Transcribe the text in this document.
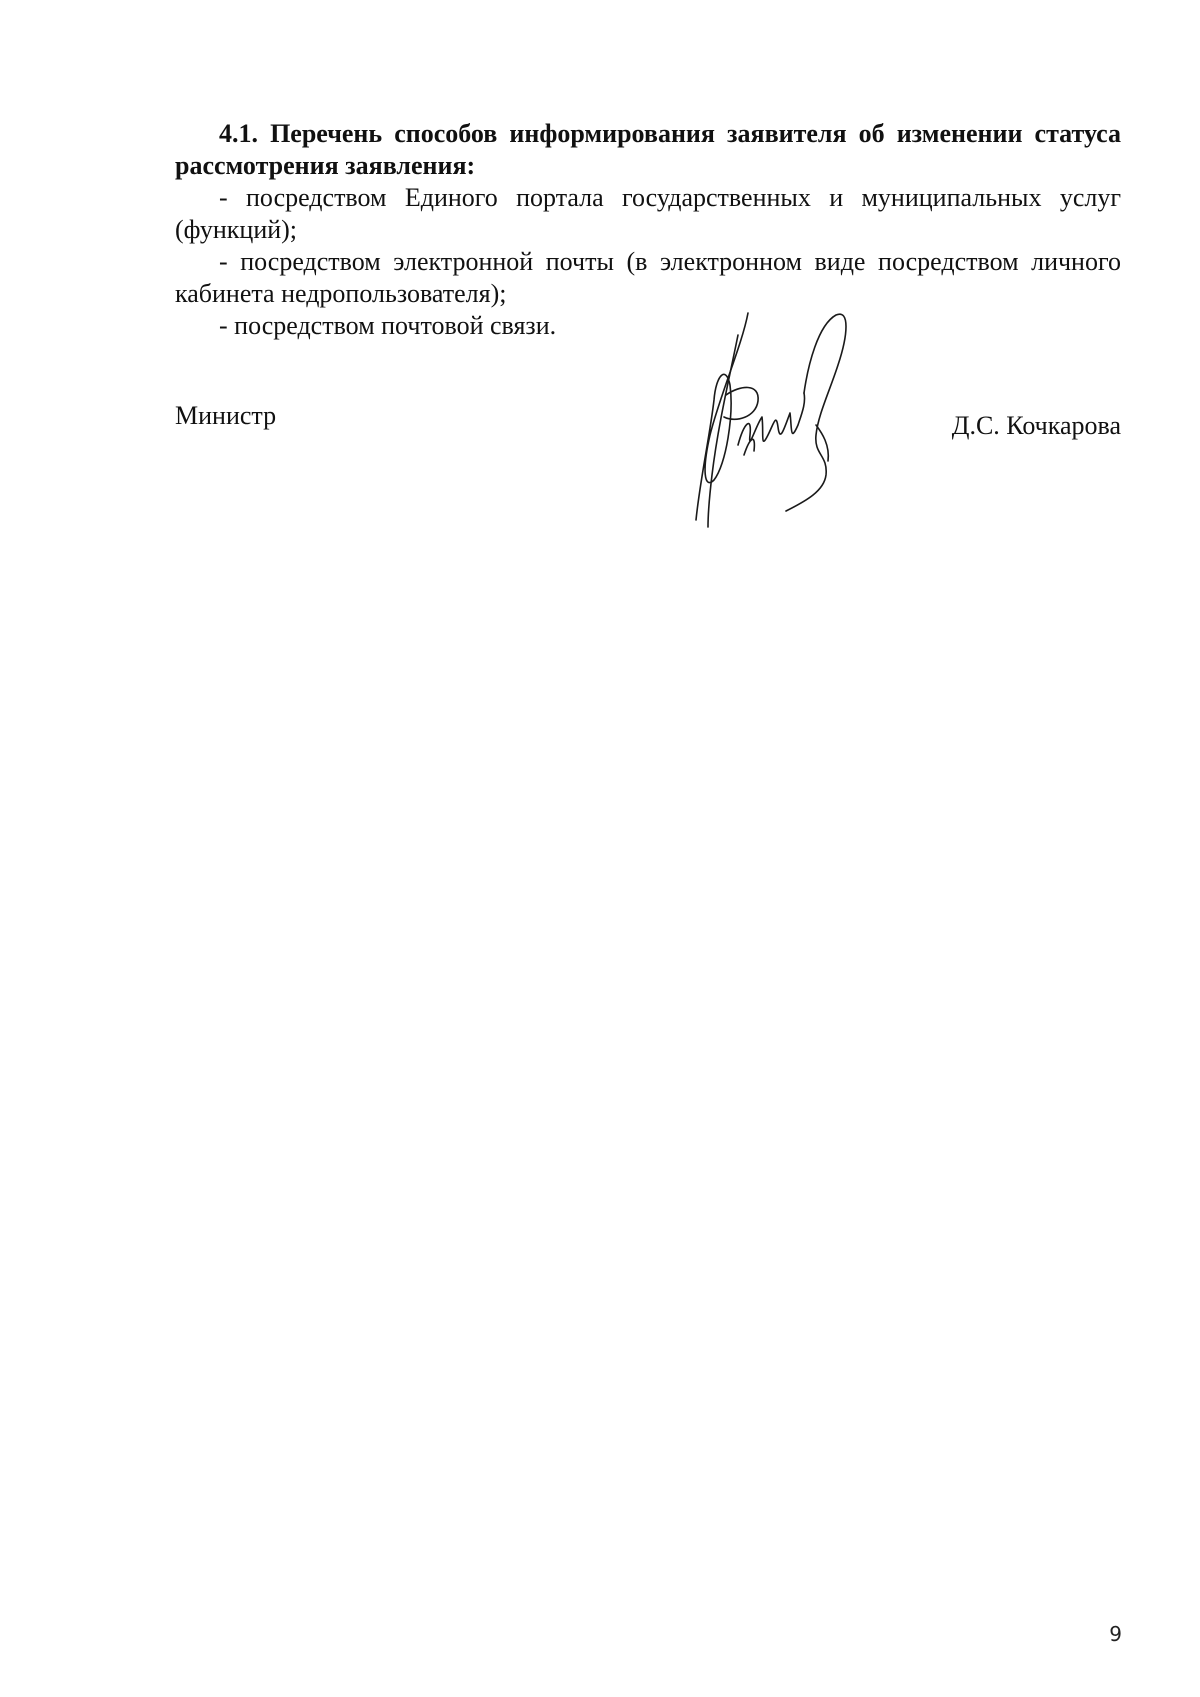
4.1. Перечень способов информирования заявителя об изменении статуса рассмотрения заявления:

- посредством Единого портала государственных и муниципальных услуг (функций);

- посредством электронной почты (в электронном виде посредством личного кабинета недропользователя);

- посредством почтовой связи.

Министр	Д.С. Кочкарова
9
